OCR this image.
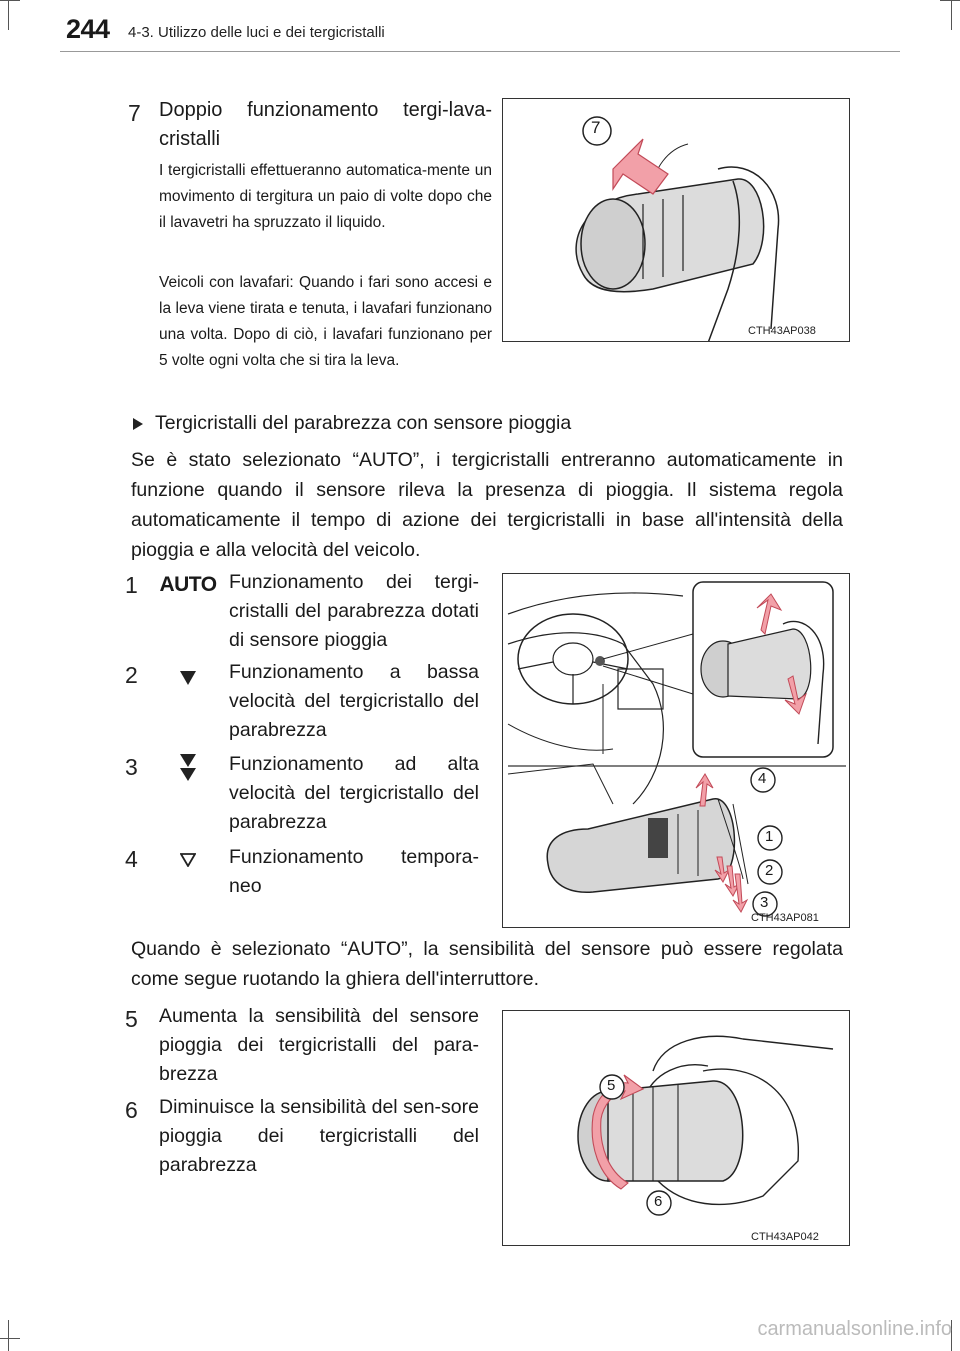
244 4-3. Utilizzo delle luci e dei tergicristalli
7 Doppio funzionamento tergi-lava-cristalli
I tergicristalli effettueranno automatica-mente un movimento di tergitura un paio di volte dopo che il lavavetri ha spruzzato il liquido.
Veicoli con lavafari: Quando i fari sono accesi e la leva viene tirata e tenuta, i lavafari funzionano una volta. Dopo di ciò, i lavafari funzionano per 5 volte ogni volta che si tira la leva.
7
CTH43AP038
Tergicristalli del parabrezza con sensore pioggia
Se è stato selezionato “AUTO”, i tergicristalli entreranno automaticamente in funzione quando il sensore rileva la presenza di pioggia. Il sistema regola automaticamente il tempo di azione dei tergicristalli in base all'intensità della pioggia e alla velocità del veicolo.
1 AUTO Funzionamento dei tergi-cristalli del parabrezza dotati di sensore pioggia
2	Funzionamento a bassa velocità del tergicristallo del parabrezza
3	Funzionamento ad alta velocità del tergicristallo del parabrezza
4	Funzionamento tempora-neo
4
1
2
3
CTH43AP081
Quando è selezionato “AUTO”, la sensibilità del sensore può essere regolata come segue ruotando la ghiera dell'interruttore.
5 Aumenta la sensibilità del sensore pioggia dei tergicristalli del para-brezza
6 Diminuisce la sensibilità del sen-sore pioggia dei tergicristalli del parabrezza
5
6
CTH43AP042
carmanualsonline.info
